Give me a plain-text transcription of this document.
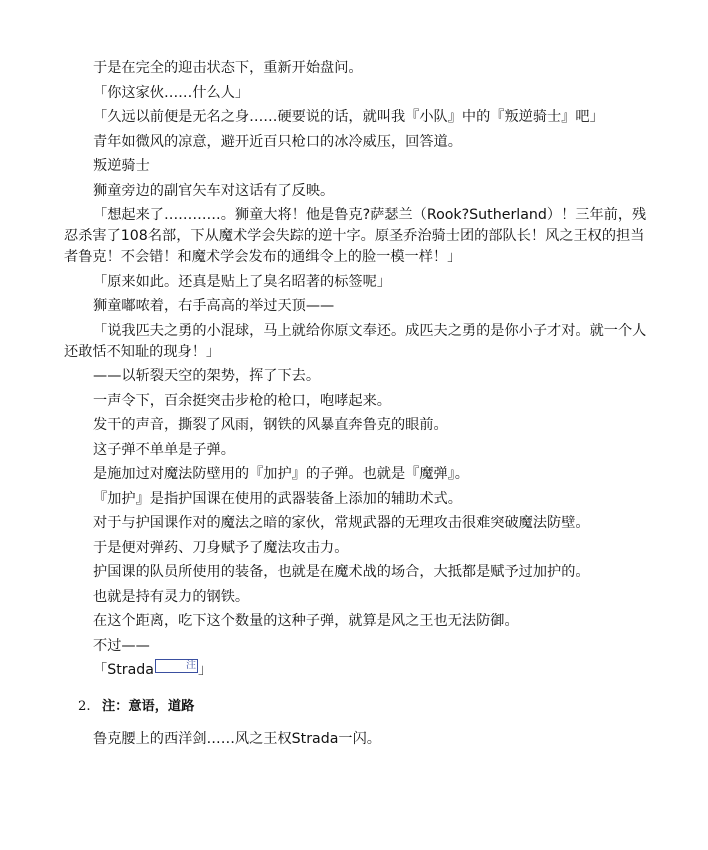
于是在完全的迎击状态下，重新开始盘问。

「你这家伙……什么人」

「久远以前便是无名之身……硬要说的话，就叫我『小队』中的『叛逆骑士』吧」

青年如微风的凉意，避开近百只枪口的冰冷威压，回答道。

叛逆骑士

狮童旁边的副官矢车对这话有了反映。

「想起来了…………。狮童大将！他是鲁克?萨瑟兰（Rook?Sutherland）！三年前，残忍杀害了108名部，下从魔术学会失踪的逆十字。原圣乔治骑士团的部队长！风之王权的担当者鲁克！不会错！和魔术学会发布的通缉令上的脸一模一样！」

「原来如此。还真是贴上了臭名昭著的标签呢」

狮童嘟哝着，右手高高的举过天顶——

「说我匹夫之勇的小混球，马上就给你原文奉还。成匹夫之勇的是你小子才对。就一个人还敢恬不知耻的现身！」

——以斩裂天空的架势，挥了下去。

一声令下，百余挺突击步枪的枪口，咆哮起来。

发干的声音，撕裂了风雨，钢铁的风暴直奔鲁克的眼前。

这子弹不单单是子弹。

是施加过对魔法防壁用的『加护』的子弹。也就是『魔弹』。

『加护』是指护国课在使用的武器装备上添加的辅助术式。

对于与护国课作对的魔法之暗的家伙，常规武器的无理攻击很难突破魔法防壁。

于是便对弹药、刀身赋予了魔法攻击力。

护国课的队员所使用的装备，也就是在魔术战的场合，大抵都是赋予过加护的。

也就是持有灵力的钢铁。

在这个距离，吃下这个数量的这种子弹，就算是风之王也无法防御。

不过——

「Strada	注 」

2. 注：意语，道路

鲁克腰上的西洋剑……风之王权Strada一闪。
